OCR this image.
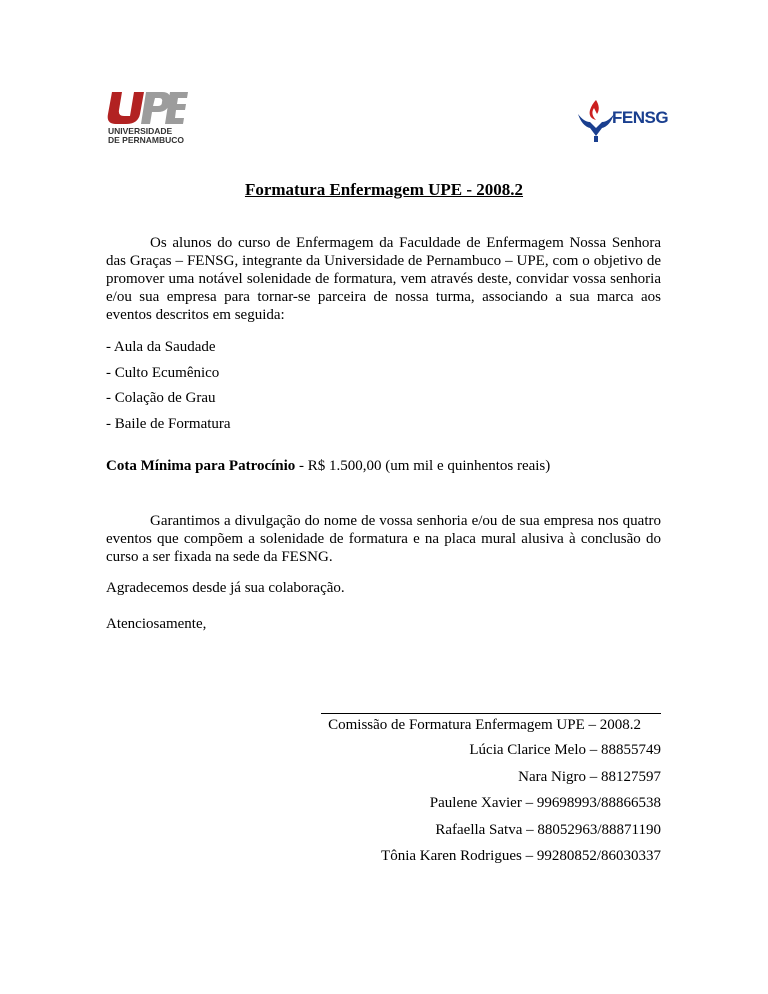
UNIVERSIDADE
DE PERNAMBUCO
FENSG
Formatura Enfermagem UPE - 2008.2

Os alunos do curso de Enfermagem da Faculdade de Enfermagem Nossa Senhora das Graças – FENSG, integrante da Universidade de Pernambuco – UPE, com o objetivo de promover uma notável solenidade de formatura, vem através deste, convidar vossa senhoria e/ou sua empresa para tornar-se parceira de nossa turma, associando a sua marca aos eventos descritos em seguida:

- Aula da Saudade

- Culto Ecumênico

- Colação de Grau

- Baile de Formatura

Cota Mínima para Patrocínio - R$ 1.500,00 (um mil e quinhentos reais)

Garantimos a divulgação do nome de vossa senhoria e/ou de sua empresa nos quatro eventos que compõem a solenidade de formatura e na placa mural alusiva à conclusão do curso a ser fixada na sede da FESNG.

Agradecemos desde já sua colaboração.

Atenciosamente,

Comissão de Formatura Enfermagem UPE – 2008.2

Lúcia Clarice Melo – 88855749

Nara Nigro – 88127597

Paulene Xavier – 99698993/88866538

Rafaella Satva – 88052963/88871190

Tônia Karen Rodrigues – 99280852/86030337
